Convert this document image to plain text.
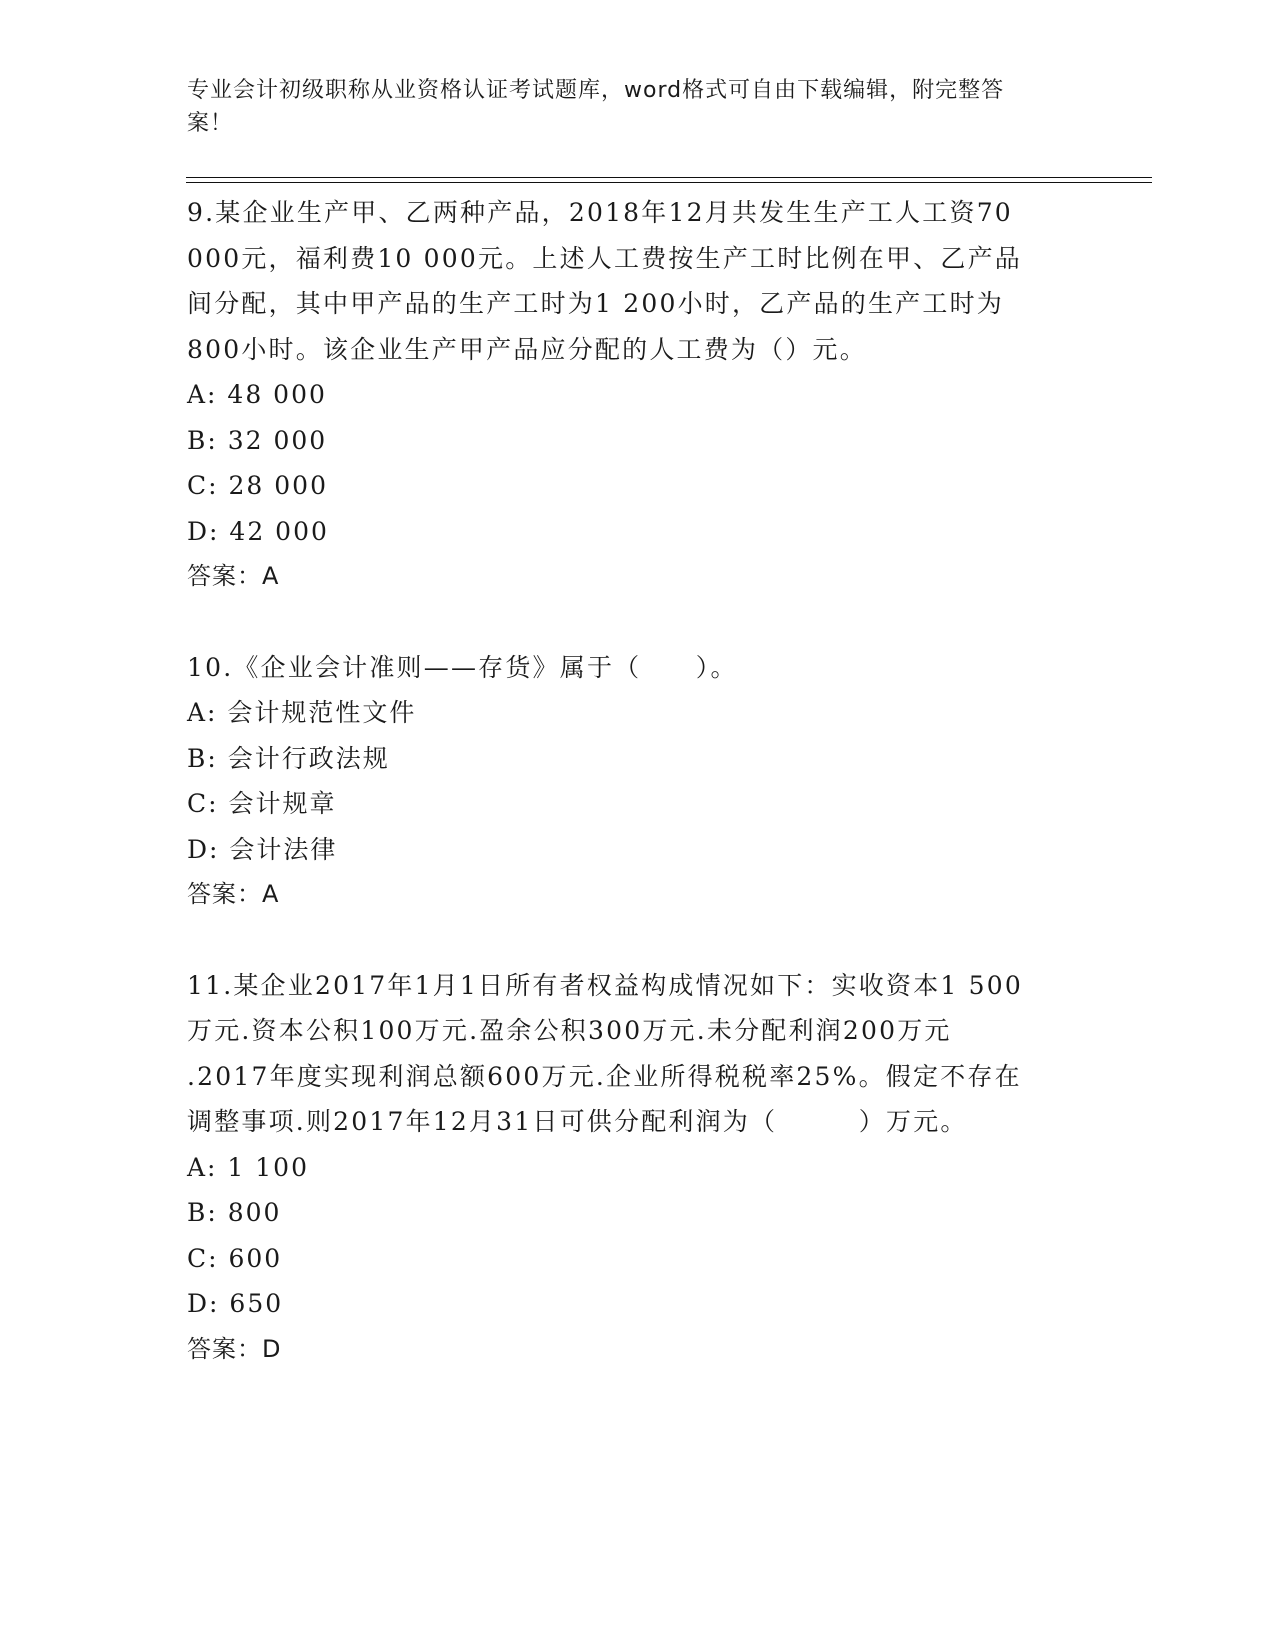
专业会计初级职称从业资格认证考试题库，word格式可自由下载编辑，附完整答
案！
9.某企业生产甲、乙两种产品，2018年12月共发生生产工人工资70
000元，福利费10 000元。上述人工费按生产工时比例在甲、乙产品
间分配，其中甲产品的生产工时为1 200小时，乙产品的生产工时为
800小时。该企业生产甲产品应分配的人工费为（）元。
A: 48 000
B: 32 000
C: 28 000
D: 42 000
答案：A
10.《企业会计准则——存货》属于（　　）。
A: 会计规范性文件
B: 会计行政法规
C: 会计规章
D: 会计法律
答案：A
11.某企业2017年1月1日所有者权益构成情况如下：实收资本1 500
万元.资本公积100万元.盈余公积300万元.未分配利润200万元
.2017年度实现利润总额600万元.企业所得税税率25%。假定不存在
调整事项.则2017年12月31日可供分配利润为（　　　）万元。
A: 1 100
B: 800
C: 600
D: 650
答案：D
